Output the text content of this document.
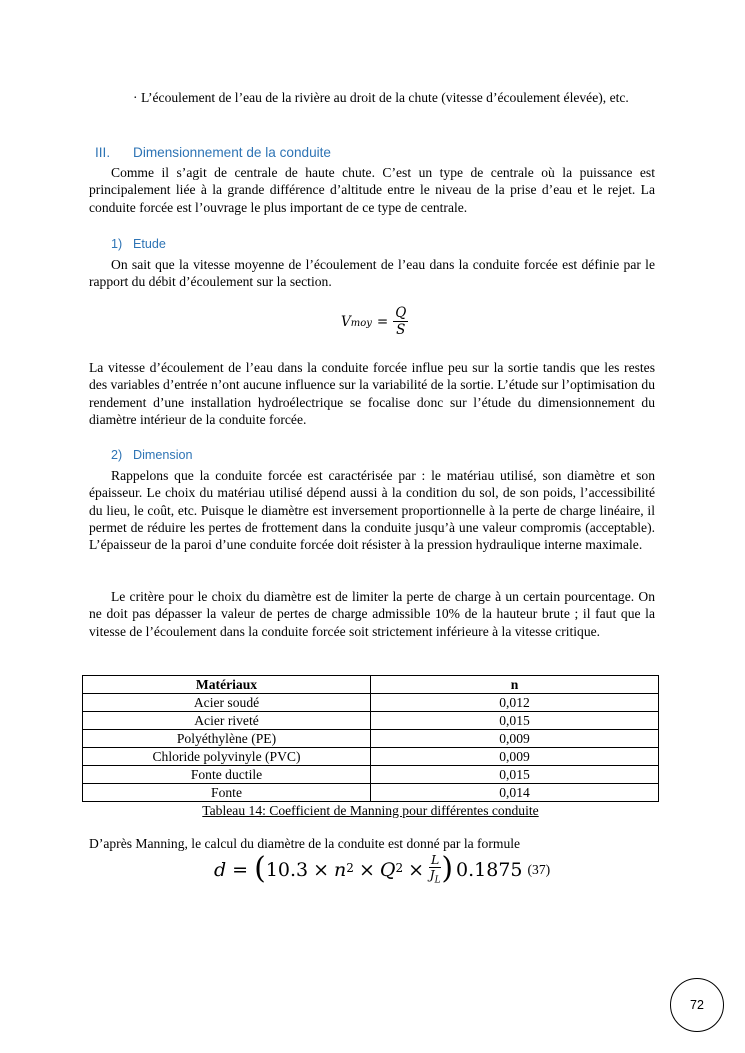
· L’écoulement de l’eau de la rivière au droit de la chute (vitesse d’écoulement élevée), etc.

III. Dimensionnement de la conduite

Comme il s’agit de centrale de haute chute. C’est un type de centrale où la puissance est principalement liée à la grande différence d’altitude entre le niveau de la prise d’eau et le rejet. La conduite forcée est l’ouvrage le plus important de ce type de centrale.

1) Etude

On sait que la vitesse moyenne de l’écoulement de l’eau dans la conduite forcée est définie par le rapport du débit d’écoulement sur la section.

$V_{moy} = \frac{Q}{S}$

La vitesse d’écoulement de l’eau dans la conduite forcée influe peu sur la sortie tandis que les restes des variables d’entrée n’ont aucune influence sur la variabilité de la sortie. L’étude sur l’optimisation du rendement d’une installation hydroélectrique se focalise donc sur l’étude du dimensionnement du diamètre intérieur de la conduite forcée.

2) Dimension

Rappelons que la conduite forcée est caractérisée par : le matériau utilisé, son diamètre et son épaisseur. Le choix du matériau utilisé dépend aussi à la condition du sol, de son poids, l’accessibilité du lieu, le coût, etc. Puisque le diamètre est inversement proportionnelle à la perte de charge linéaire, il permet de réduire les pertes de frottement dans la conduite jusqu’à une valeur compromis (acceptable). L’épaisseur de la paroi d’une conduite forcée doit résister à la pression hydraulique interne maximale.

Le critère pour le choix du diamètre est de limiter la perte de charge à un certain pourcentage. On ne doit pas dépasser la valeur de pertes de charge admissible 10% de la hauteur brute ; il faut que la vitesse de l’écoulement dans la conduite forcée soit strictement inférieure à la vitesse critique.

Matériaux	n
Acier soudé	0,012
Acier riveté	0,015
Polyéthylène (PE)	0,009
Chloride polyvinyle (PVC)	0,009
Fonte ductile	0,015
Fonte	0,014
Tableau 14: Coefficient de Manning pour différentes conduite

D’après Manning, le calcul du diamètre de la conduite est donné par la formule

d = ( $10.3 \times n^2 \times Q^2 \times \frac{L}{J_L}$ ) 0.1875 (37)
72
